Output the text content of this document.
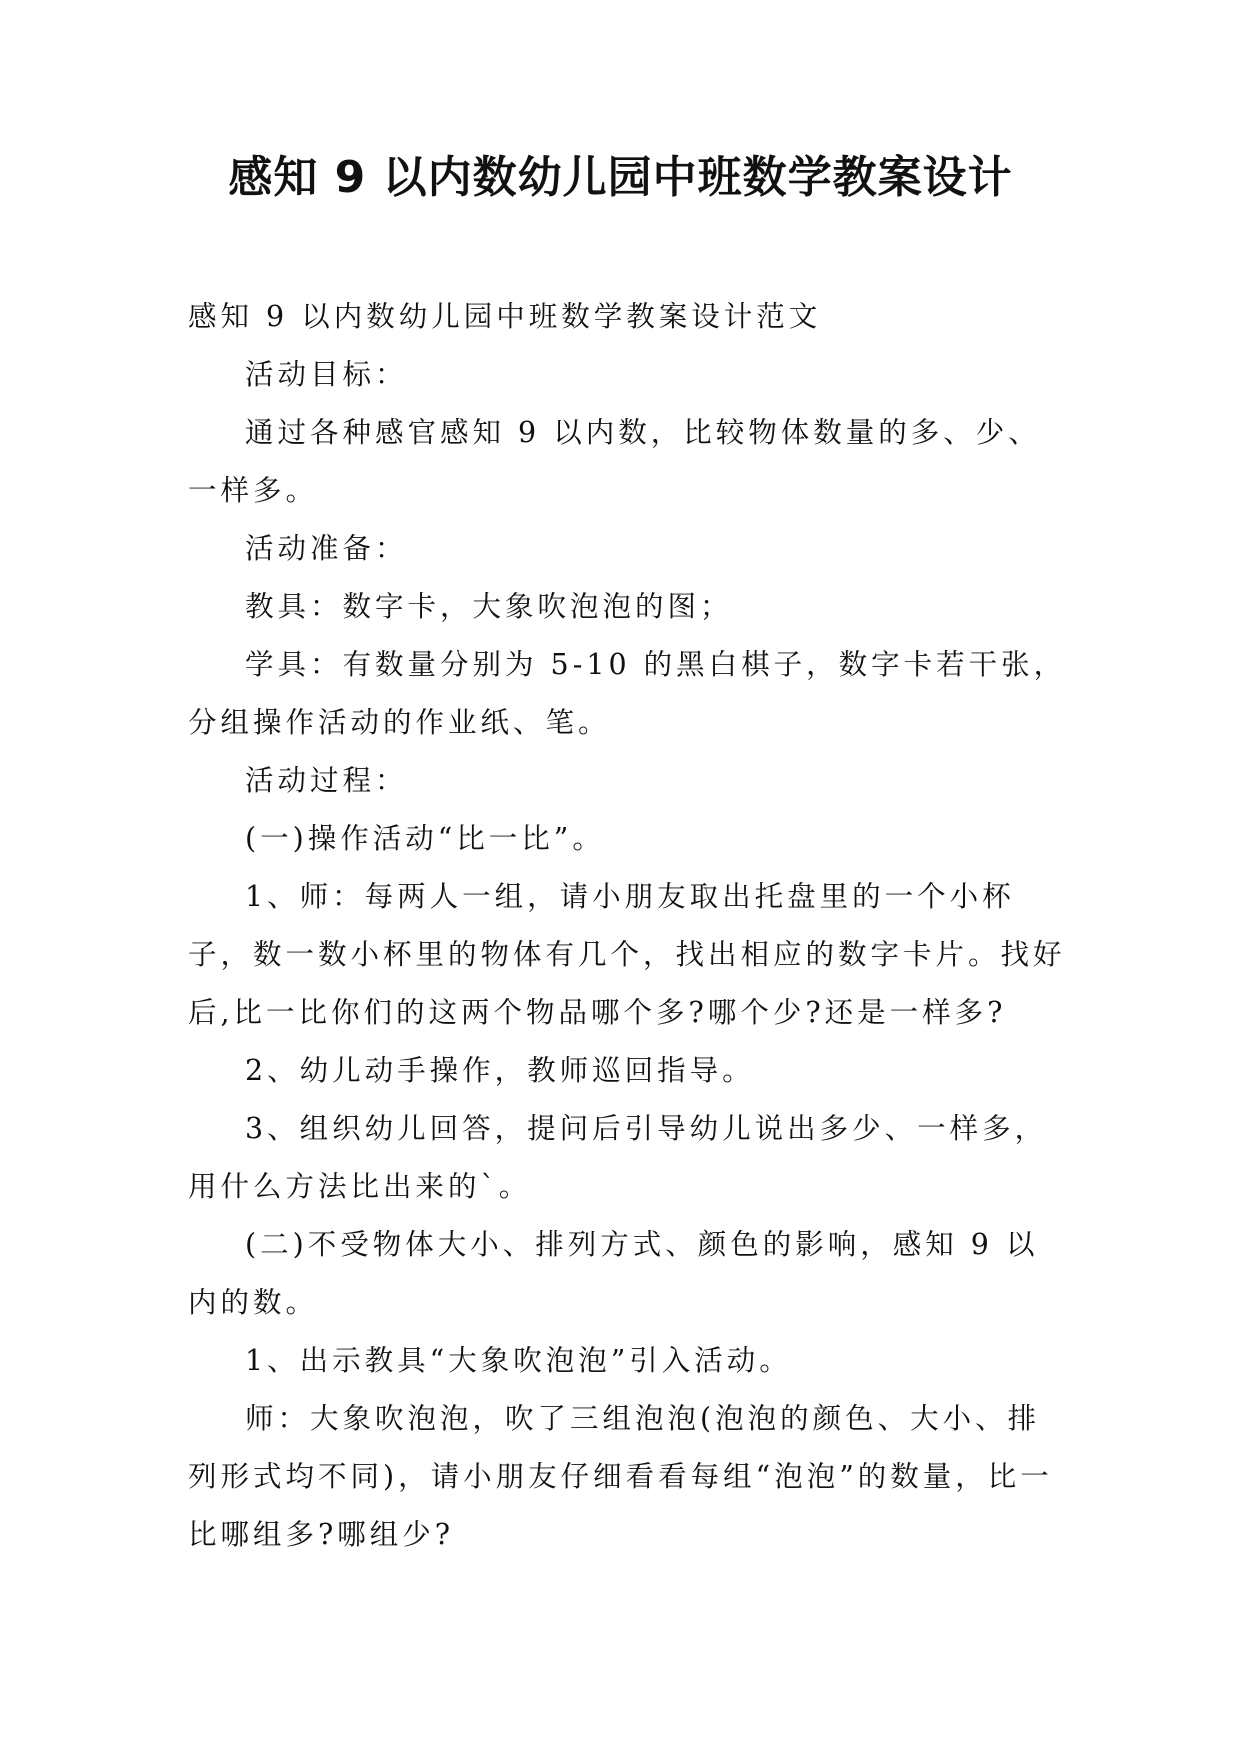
感知 9 以内数幼儿园中班数学教案设计

感知 9 以内数幼儿园中班数学教案设计范文

活动目标：

通过各种感官感知 9 以内数，比较物体数量的多、少、一样多。

活动准备：

教具：数字卡，大象吹泡泡的图；

学具：有数量分别为 5-10 的黑白棋子，数字卡若干张，分组操作活动的作业纸、笔。

活动过程：

(一)操作活动“比一比”。

1、师：每两人一组，请小朋友取出托盘里的一个小杯子，数一数小杯里的物体有几个，找出相应的数字卡片。找好后,比一比你们的这两个物品哪个多?哪个少?还是一样多?

2、幼儿动手操作，教师巡回指导。

3、组织幼儿回答，提问后引导幼儿说出多少、一样多，用什么方法比出来的`。

(二)不受物体大小、排列方式、颜色的影响，感知 9 以内的数。

1、出示教具“大象吹泡泡”引入活动。

师：大象吹泡泡，吹了三组泡泡(泡泡的颜色、大小、排列形式均不同)，请小朋友仔细看看每组“泡泡”的数量，比一比哪组多?哪组少?
